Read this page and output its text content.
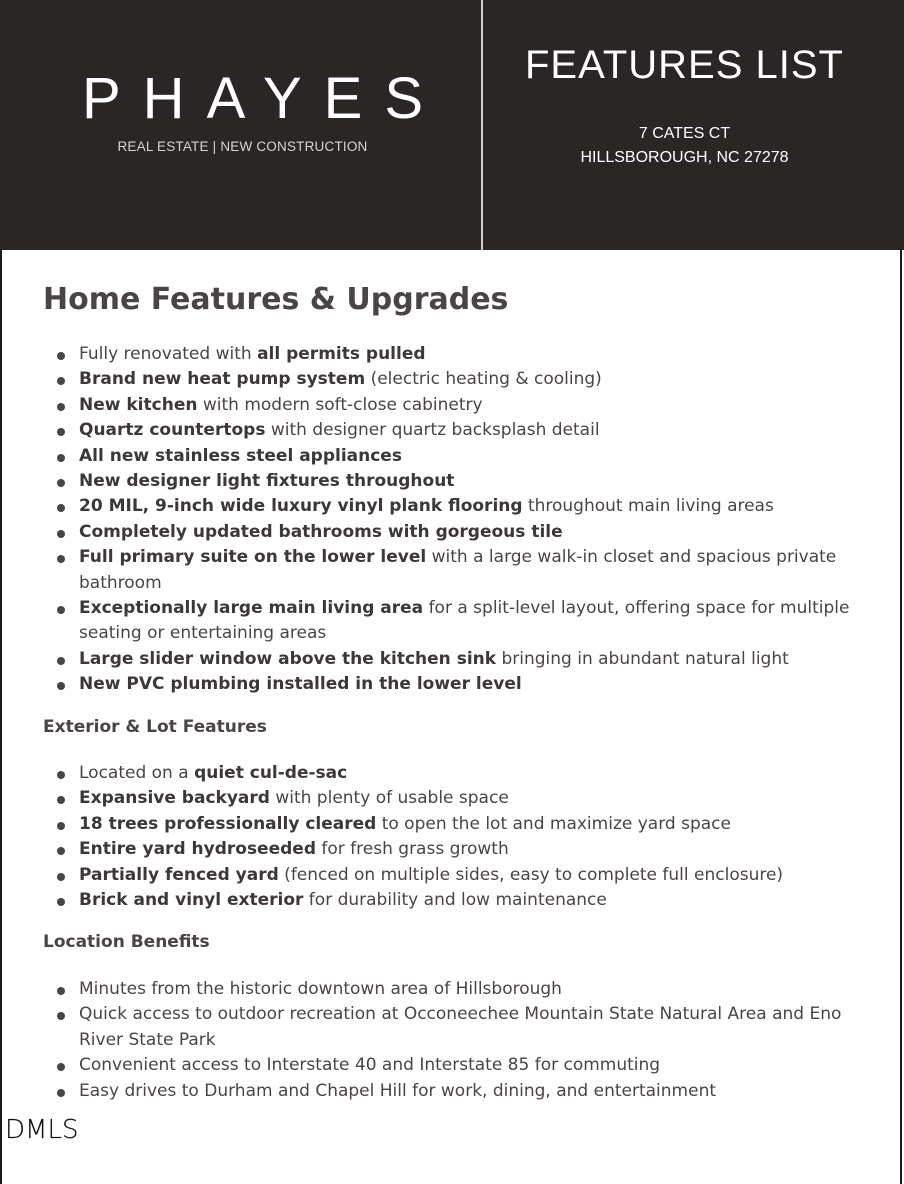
PHAYES
REAL ESTATE | NEW CONSTRUCTION
FEATURES LIST
7 CATES CT
HILLSBOROUGH, NC 27278
Home Features & Upgrades
Fully renovated with all permits pulled
Brand new heat pump system (electric heating & cooling)
New kitchen with modern soft-close cabinetry
Quartz countertops with designer quartz backsplash detail
All new stainless steel appliances
New designer light fixtures throughout
20 MIL, 9-inch wide luxury vinyl plank flooring throughout main living areas
Completely updated bathrooms with gorgeous tile
Full primary suite on the lower level with a large walk-in closet and spacious private bathroom
Exceptionally large main living area for a split-level layout, offering space for multiple seating or entertaining areas
Large slider window above the kitchen sink bringing in abundant natural light
New PVC plumbing installed in the lower level
Exterior & Lot Features
Located on a quiet cul-de-sac
Expansive backyard with plenty of usable space
18 trees professionally cleared to open the lot and maximize yard space
Entire yard hydroseeded for fresh grass growth
Partially fenced yard (fenced on multiple sides, easy to complete full enclosure)
Brick and vinyl exterior for durability and low maintenance
Location Benefits
Minutes from the historic downtown area of Hillsborough
Quick access to outdoor recreation at Occoneechee Mountain State Natural Area and Eno River State Park
Convenient access to Interstate 40 and Interstate 85 for commuting
Easy drives to Durham and Chapel Hill for work, dining, and entertainment
DMLS
